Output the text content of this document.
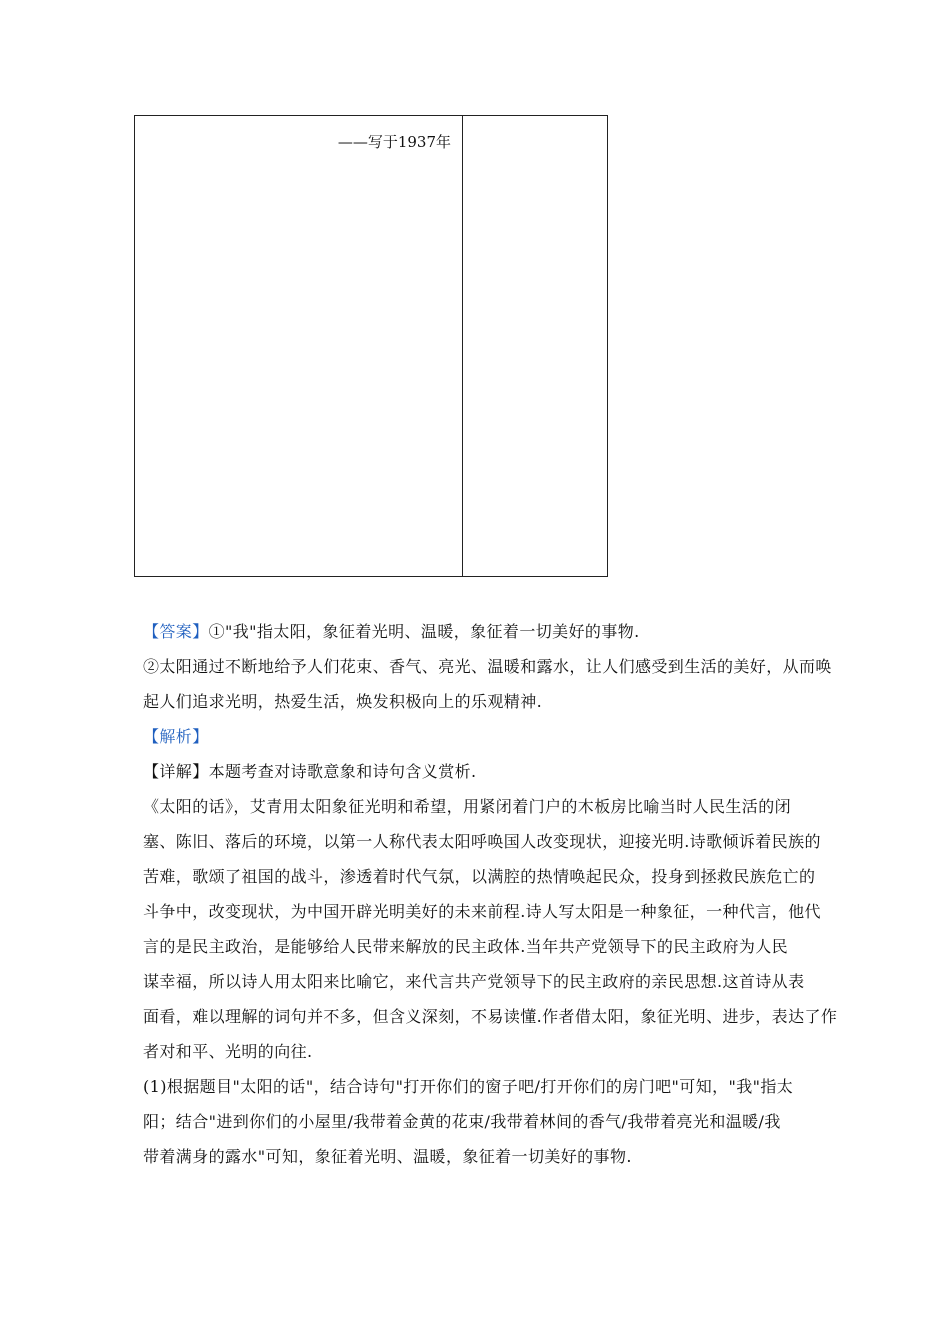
——写于1937年
【答案】①"我"指太阳，象征着光明、温暖，象征着一切美好的事物.
②太阳通过不断地给予人们花束、香气、亮光、温暖和露水，让人们感受到生活的美好，从而唤
起人们追求光明，热爱生活，焕发积极向上的乐观精神.
【解析】
【详解】本题考查对诗歌意象和诗句含义赏析.
《太阳的话》，艾青用太阳象征光明和希望，用紧闭着门户的木板房比喻当时人民生活的闭
塞、陈旧、落后的环境，以第一人称代表太阳呼唤国人改变现状，迎接光明.诗歌倾诉着民族的
苦难，歌颂了祖国的战斗，渗透着时代气氛，以满腔的热情唤起民众，投身到拯救民族危亡的
斗争中，改变现状，为中国开辟光明美好的未来前程.诗人写太阳是一种象征，一种代言，他代
言的是民主政治，是能够给人民带来解放的民主政体.当年共产党领导下的民主政府为人民
谋幸福，所以诗人用太阳来比喻它，来代言共产党领导下的民主政府的亲民思想.这首诗从表
面看，难以理解的词句并不多，但含义深刻，不易读懂.作者借太阳，象征光明、进步，表达了作
者对和平、光明的向往.
(1)根据题目"太阳的话"，结合诗句"打开你们的窗子吧/打开你们的房门吧"可知，"我"指太
阳；结合"进到你们的小屋里/我带着金黄的花束/我带着林间的香气/我带着亮光和温暖/我
带着满身的露水"可知，象征着光明、温暖，象征着一切美好的事物.
